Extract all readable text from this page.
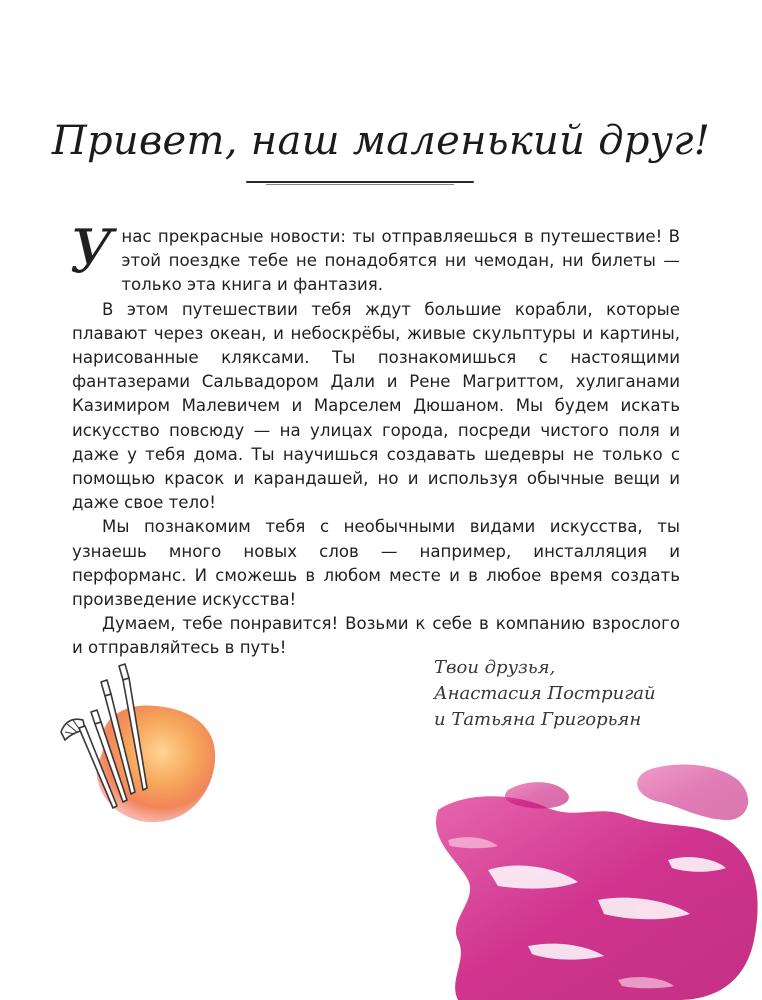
Привет, наш маленький друг!

У нас прекрасные новости: ты отправляешься в путешествие! В этой поездке тебе не понадобятся ни чемодан, ни билеты — только эта книга и фантазия.

В этом путешествии тебя ждут большие корабли, которые плавают через океан, и небоскрёбы, живые скульптуры и картины, нарисованные кляксами. Ты познакомишься с настоящими фантазерами Сальвадором Дали и Рене Магриттом, хулиганами Казимиром Малевичем и Марселем Дюшаном. Мы будем искать искусство повсюду — на улицах города, посреди чистого поля и даже у тебя дома. Ты научишься создавать шедевры не только с помощью красок и карандашей, но и используя обычные вещи и даже свое тело!

Мы познакомим тебя с необычными видами искусства, ты узнаешь много новых слов — например, инсталляция и перформанс. И сможешь в любом месте и в любое время создать произведение искусства!

Думаем, тебе понравится! Возьми к себе в компанию взрослого и отправляйтесь в путь!

Твои друзья,
Анастасия Постригай
и Татьяна Григорьян
